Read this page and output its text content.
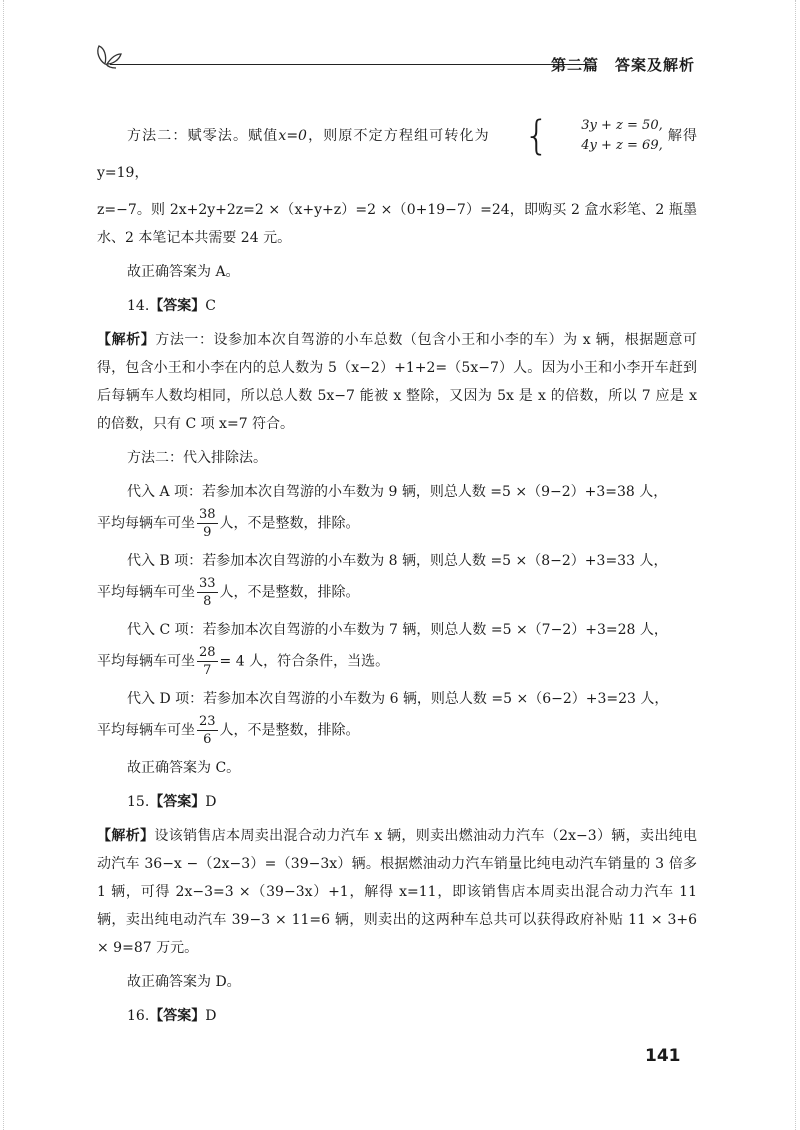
第二篇　答案及解析

方法二：赋零法。赋值x=0，则原不定方程组可转化为 {	3y + z = 50,
4y + z = 69,
解得 y=19，

z=−7。则 2x+2y+2z=2 ×（x+y+z）=2 ×（0+19−7）=24，即购买 2 盒水彩笔、2 瓶墨水、2 本笔记本共需要 24 元。

故正确答案为 A。

14.【答案】C

【解析】方法一：设参加本次自驾游的小车总数（包含小王和小李的车）为 x 辆，根据题意可得，包含小王和小李在内的总人数为 5（x−2）+1+2=（5x−7）人。因为小王和小李开车赶到后每辆车人数均相同，所以总人数 5x−7 能被 x 整除，又因为 5x 是 x 的倍数，所以 7 应是 x 的倍数，只有 C 项 x=7 符合。

方法二：代入排除法。

代入 A 项：若参加本次自驾游的小车数为 9 辆，则总人数 =5 ×（9−2）+3=38 人，

平均每辆车可坐 $\frac{38}{9}$ 人，不是整数，排除。

代入 B 项：若参加本次自驾游的小车数为 8 辆，则总人数 =5 ×（8−2）+3=33 人，

平均每辆车可坐 $\frac{33}{8}$ 人，不是整数，排除。

代入 C 项：若参加本次自驾游的小车数为 7 辆，则总人数 =5 ×（7−2）+3=28 人，

平均每辆车可坐 $\frac{28}{7} = 4$ 人，符合条件，当选。

代入 D 项：若参加本次自驾游的小车数为 6 辆，则总人数 =5 ×（6−2）+3=23 人，

平均每辆车可坐 $\frac{23}{6}$ 人，不是整数，排除。

故正确答案为 C。

15.【答案】D

【解析】设该销售店本周卖出混合动力汽车 x 辆，则卖出燃油动力汽车（2x−3）辆，卖出纯电动汽车 36−x −（2x−3）=（39−3x）辆。根据燃油动力汽车销量比纯电动汽车销量的 3 倍多 1 辆，可得 2x−3=3 ×（39−3x）+1，解得 x=11，即该销售店本周卖出混合动力汽车 11 辆，卖出纯电动汽车 39−3 × 11=6 辆，则卖出的这两种车总共可以获得政府补贴 11 × 3+6 × 9=87 万元。

故正确答案为 D。

16.【答案】D

141
